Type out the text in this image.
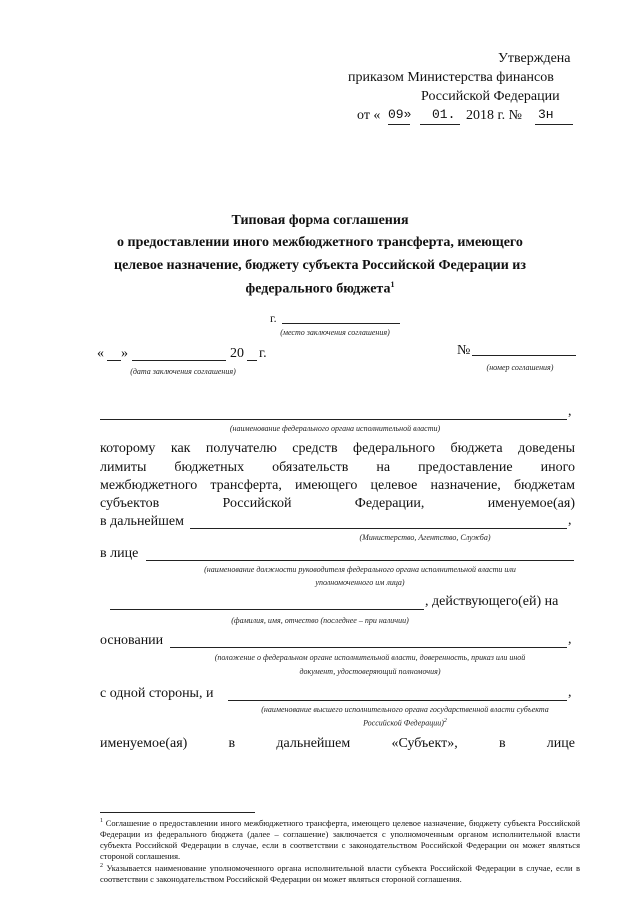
Утверждена
приказом Министерства финансов
Российской Федерации
от « 09» 01. 2018 г. № 3н
Типовая форма соглашения
о предоставлении иного межбюджетного трансферта, имеющего
целевое назначение, бюджету субъекта Российской Федерации из
федерального бюджета$^1$
г.
(место заключения соглашения)
« »	20 г.
(дата заключения соглашения)
№
(номер соглашения)
,
(наименование федерального органа исполнительной власти)
которому как получателю средств федерального бюджета доведены
лимиты бюджетных обязательств на предоставление иного
межбюджетного трансферта, имеющего целевое назначение, бюджетам
субъектов Российской Федерации, именуемое(ая)
в дальнейшем	,
(Министерство, Агентство, Служба)
в лице
(наименование должности руководителя федерального органа исполнительной власти или
уполномоченного им лица)
, действующего(ей) на
(фамилия, имя, отчество (последнее – при наличии)
основании	,
(положение о федеральном органе исполнительной власти, доверенность, приказ или иной
документ, удостоверяющий полномочия)
с одной стороны, и	,
(наименование высшего исполнительного органа государственной власти субъекта
Российской Федерации)$^2$
именуемое(ая) в дальнейшем «Субъект», в лице
$^1$ Соглашение о предоставлении иного межбюджетного трансферта, имеющего целевое назначение, бюджету субъекта Российской Федерации из федерального бюджета (далее – соглашение) заключается с уполномоченным органом исполнительной власти субъекта Российской Федерации в случае, если в соответствии с законодательством Российской Федерации он может являться стороной соглашения.
$^2$ Указывается наименование уполномоченного органа исполнительной власти субъекта Российской Федерации в случае, если в соответствии с законодательством Российской Федерации он может являться стороной соглашения.
